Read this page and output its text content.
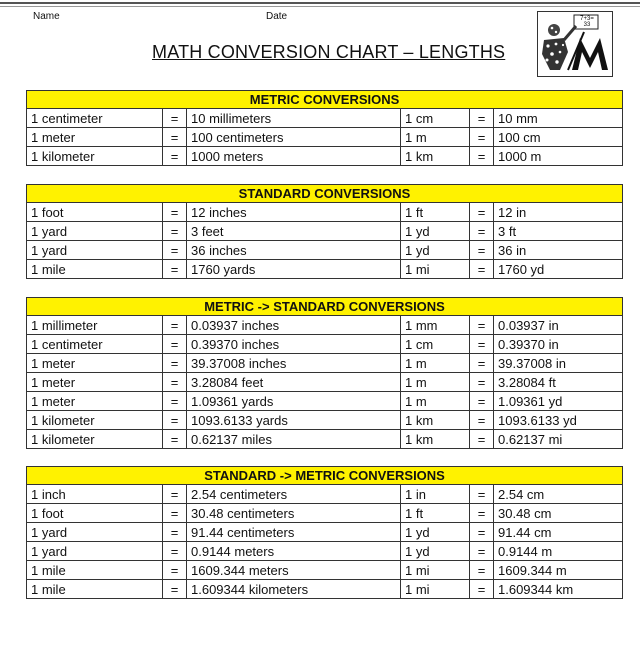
Name	Date
MATH CONVERSION CHART – LENGTHS
7+3= 33
METRIC CONVERSIONS					
1 centimeter	=	10 millimeters	1 cm	=	10 mm
1 meter	=	100 centimeters	1 m	=	100 cm
1 kilometer	=	1000 meters	1 km	=	1000 m
STANDARD CONVERSIONS					
1 foot	=	12 inches	1 ft	=	12 in
1 yard	=	3 feet	1 yd	=	3 ft
1 yard	=	36 inches	1 yd	=	36 in
1 mile	=	1760 yards	1 mi	=	1760 yd
METRIC -> STANDARD CONVERSIONS					
1 millimeter	=	0.03937 inches	1 mm	=	0.03937 in
1 centimeter	=	0.39370 inches	1 cm	=	0.39370 in
1 meter	=	39.37008 inches	1 m	=	39.37008 in
1 meter	=	3.28084 feet	1 m	=	3.28084 ft
1 meter	=	1.09361 yards	1 m	=	1.09361 yd
1 kilometer	=	1093.6133 yards	1 km	=	1093.6133 yd
1 kilometer	=	0.62137 miles	1 km	=	0.62137 mi
STANDARD -> METRIC CONVERSIONS					
1 inch	=	2.54 centimeters	1 in	=	2.54 cm
1 foot	=	30.48 centimeters	1 ft	=	30.48 cm
1 yard	=	91.44 centimeters	1 yd	=	91.44 cm
1 yard	=	0.9144 meters	1 yd	=	0.9144 m
1 mile	=	1609.344 meters	1 mi	=	1609.344 m
1 mile	=	1.609344 kilometers	1 mi	=	1.609344 km
